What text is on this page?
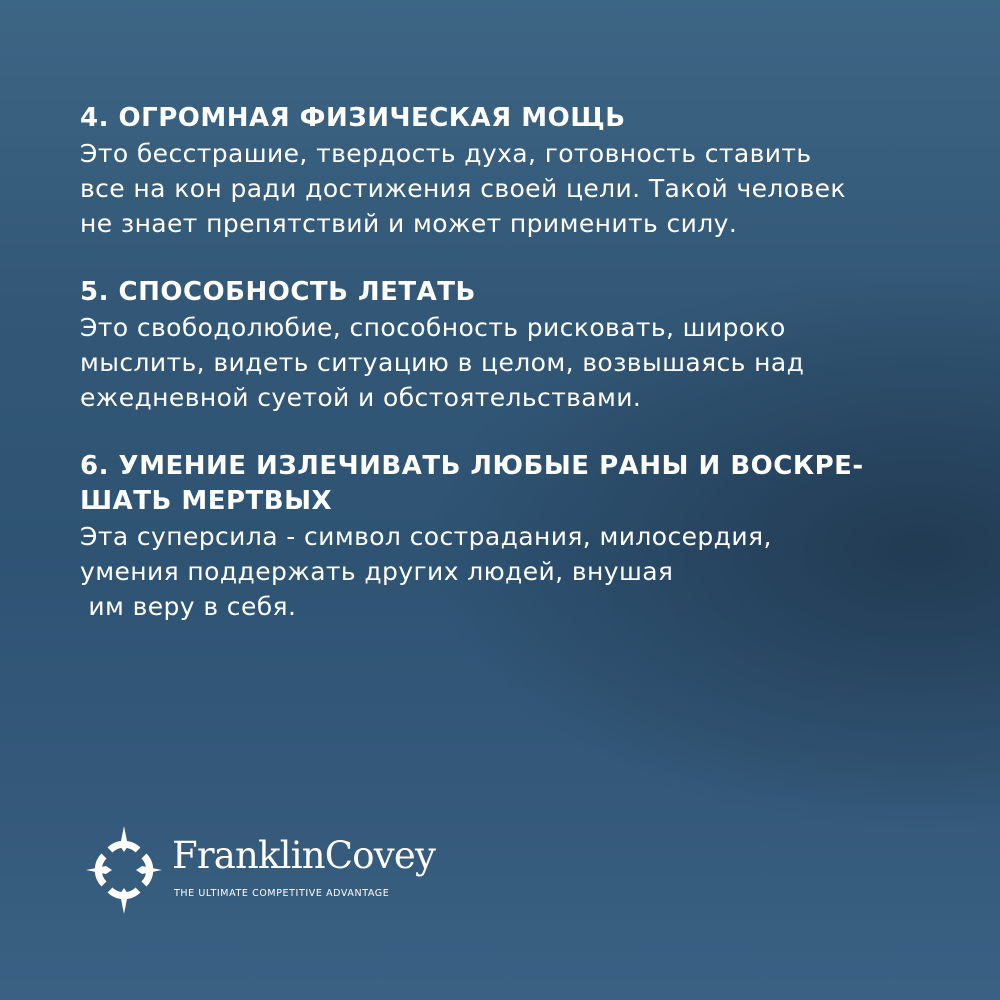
4. ОГРОМНАЯ ФИЗИЧЕСКАЯ МОЩЬ

Это бесстрашие, твердость духа, готовность ставить

все на кон ради достижения своей цели. Такой человек

не знает препятствий и может применить силу.

5. СПОСОБНОСТЬ ЛЕТАТЬ

Это свободолюбие, способность рисковать, широко

мыслить, видеть ситуацию в целом, возвышаясь над

ежедневной суетой и обстоятельствами.

6. УМЕНИЕ ИЗЛЕЧИВАТЬ ЛЮБЫЕ РАНЫ И ВОСКРЕ-

ШАТЬ МЕРТВЫХ

Эта суперсила - символ сострадания, милосердия,

умения поддержать других людей, внушая

им веру в себя.

FranklinCovey
THE ULTIMATE COMPETITIVE ADVANTAGE
